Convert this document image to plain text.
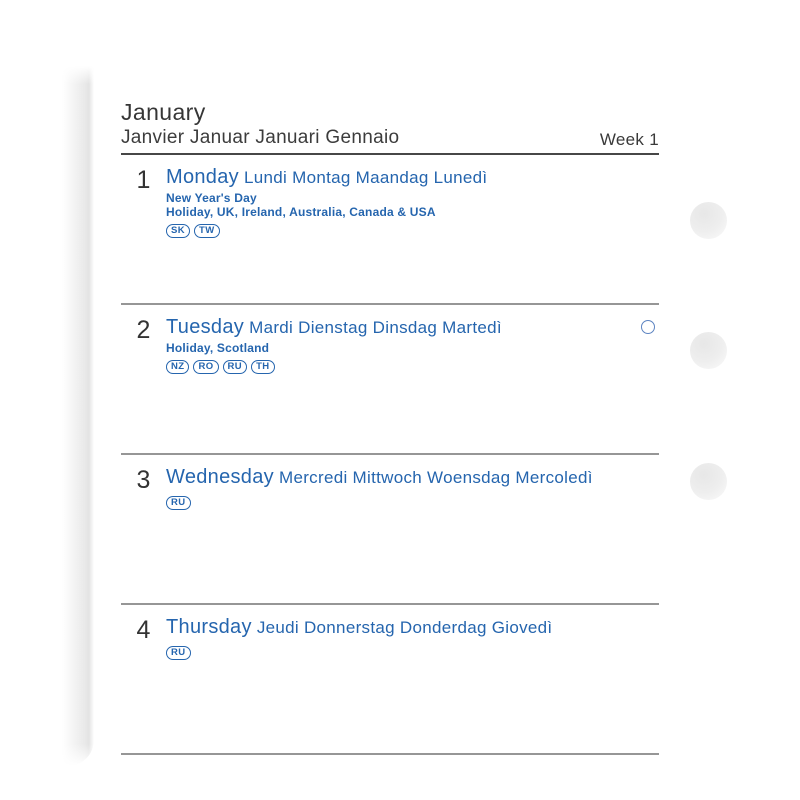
January
Janvier Januar Januari Gennaio	Week 1
1 Monday Lundi Montag Maandag Lunedì
New Year's Day
Holiday, UK, Ireland, Australia, Canada & USA
SK TW
2 Tuesday Mardi Dienstag Dinsdag Martedì
Holiday, Scotland
NZ RO RU TH
3 Wednesday Mercredi Mittwoch Woensdag Mercoledì
RU
4 Thursday Jeudi Donnerstag Donderdag Giovedì
RU
